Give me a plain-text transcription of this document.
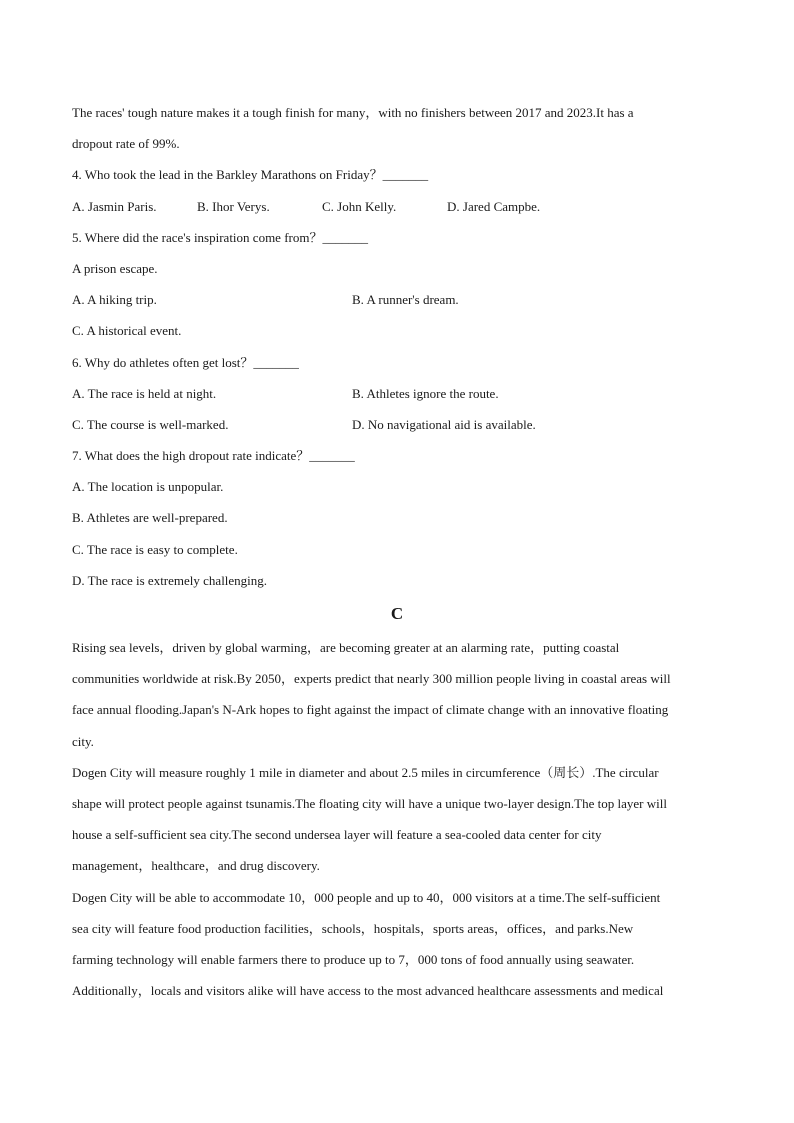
The races' tough nature makes it a tough finish for many，with no finishers between 2017 and 2023.It has a
dropout rate of 99%.
4. Who took the lead in the Barkley Marathons on Friday？_______
A. Jasmin Paris.	B. Ihor Verys.	C. John Kelly.	D. Jared Campbe.
5. Where did the race's inspiration come from？_______
A prison escape.
A. A hiking trip.	B. A runner's dream.
C. A historical event.
6. Why do athletes often get lost？_______
A. The race is held at night.	B. Athletes ignore the route.
C. The course is well-marked.	D. No navigational aid is available.
7. What does the high dropout rate indicate？_______
A. The location is unpopular.
B. Athletes are well-prepared.
C. The race is easy to complete.
D. The race is extremely challenging.
C
Rising sea levels，driven by global warming，are becoming greater at an alarming rate，putting coastal
communities worldwide at risk.By 2050，experts predict that nearly 300 million people living in coastal areas will
face annual flooding.Japan's N-Ark hopes to fight against the impact of climate change with an innovative floating
city.
Dogen City will measure roughly 1 mile in diameter and about 2.5 miles in circumference（周长）.The circular
shape will protect people against tsunamis.The floating city will have a unique two-layer design.The top layer will
house a self-sufficient sea city.The second undersea layer will feature a sea-cooled data center for city
management，healthcare，and drug discovery.
Dogen City will be able to accommodate 10，000 people and up to 40，000 visitors at a time.The self-sufficient
sea city will feature food production facilities，schools，hospitals，sports areas，offices，and parks.New
farming technology will enable farmers there to produce up to 7，000 tons of food annually using seawater.
Additionally，locals and visitors alike will have access to the most advanced healthcare assessments and medical
